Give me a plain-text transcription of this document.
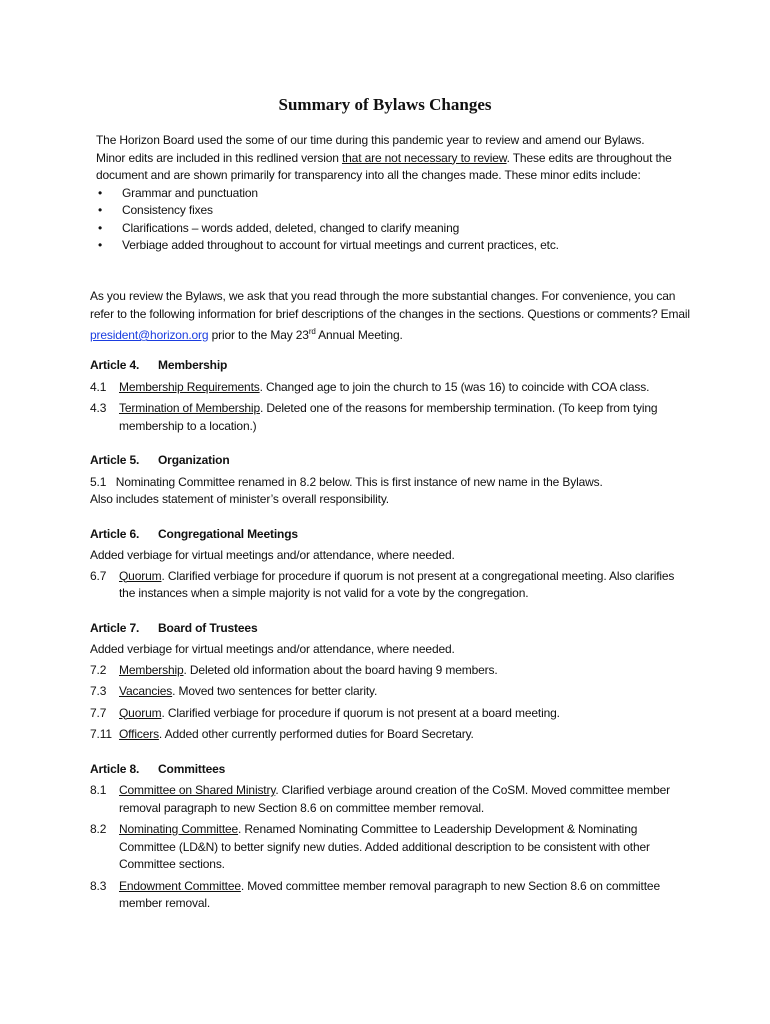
Summary of Bylaws Changes
The Horizon Board used the some of our time during this pandemic year to review and amend our Bylaws. Minor edits are included in this redlined version that are not necessary to review. These edits are throughout the document and are shown primarily for transparency into all the changes made. These minor edits include:
• Grammar and punctuation
• Consistency fixes
• Clarifications – words added, deleted, changed to clarify meaning
• Verbiage added throughout to account for virtual meetings and current practices, etc.
As you review the Bylaws, we ask that you read through the more substantial changes. For convenience, you can refer to the following information for brief descriptions of the changes in the sections. Questions or comments? Email president@horizon.org prior to the May 23rd Annual Meeting.
Article 4.	Membership
4.1	Membership Requirements. Changed age to join the church to 15 (was 16) to coincide with COA class.
4.3	Termination of Membership. Deleted one of the reasons for membership termination. (To keep from tying membership to a location.)
Article 5.	Organization
5.1 Nominating Committee renamed in 8.2 below. This is first instance of new name in the Bylaws.
Also includes statement of minister’s overall responsibility.
Article 6.	Congregational Meetings
Added verbiage for virtual meetings and/or attendance, where needed.
6.7	Quorum. Clarified verbiage for procedure if quorum is not present at a congregational meeting. Also clarifies the instances when a simple majority is not valid for a vote by the congregation.
Article 7.	Board of Trustees
Added verbiage for virtual meetings and/or attendance, where needed.
7.2	Membership. Deleted old information about the board having 9 members.
7.3	Vacancies. Moved two sentences for better clarity.
7.7	Quorum. Clarified verbiage for procedure if quorum is not present at a board meeting.
7.11 Officers. Added other currently performed duties for Board Secretary.
Article 8.	Committees
8.1	Committee on Shared Ministry. Clarified verbiage around creation of the CoSM. Moved committee member removal paragraph to new Section 8.6 on committee member removal.
8.2	Nominating Committee. Renamed Nominating Committee to Leadership Development & Nominating Committee (LD&N) to better signify new duties. Added additional description to be consistent with other Committee sections.
8.3	Endowment Committee. Moved committee member removal paragraph to new Section 8.6 on committee member removal.
